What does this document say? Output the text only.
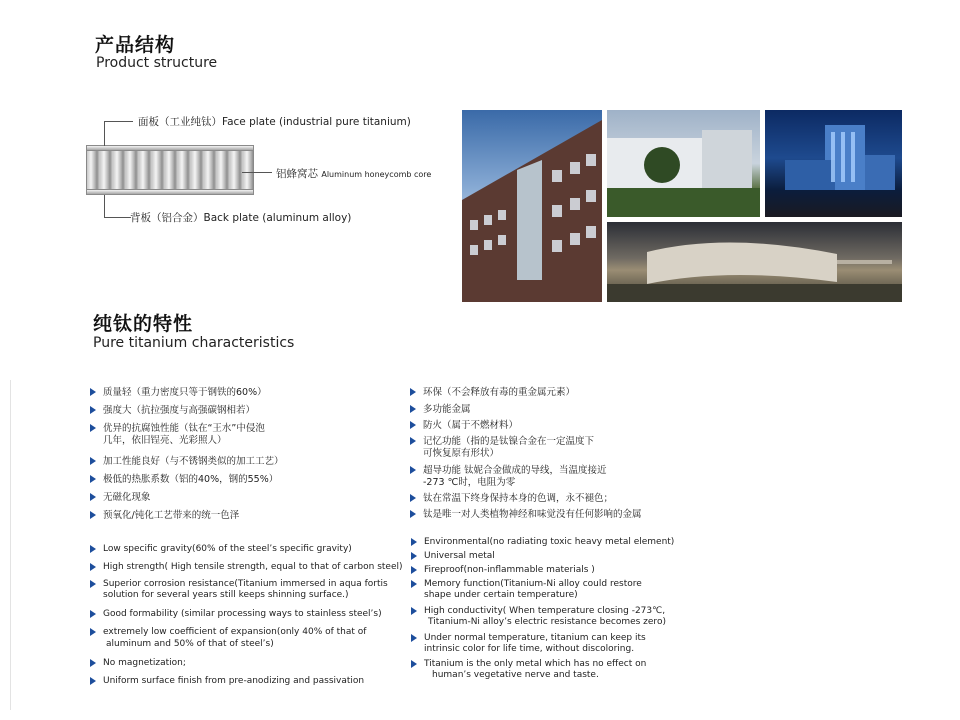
产品结构
Product structure
面板（工业纯钛）Face plate (industrial pure titanium)
铝蜂窝芯 Aluminum honeycomb core
背板（铝合金）Back plate (aluminum alloy)
纯钛的特性
Pure titanium characteristics
质量轻（重力密度只等于钢铁的60%）
强度大（抗拉强度与高强碳钢相若）
优异的抗腐蚀性能（钛在“王水”中侵泡
几年，依旧锃亮、光彩照人）
加工性能良好（与不锈钢类似的加工工艺）
极低的热胀系数（铝的40%，钢的55%）
无磁化现象
预氧化/钝化工艺带来的统一色泽
环保（不会释放有毒的重金属元素）
多功能金属
防火（属于不燃材料）
记忆功能（指的是钛镍合金在一定温度下
可恢复原有形状）
超导功能 钛妮合金做成的导线，当温度接近
-273 ℃时，电阻为零
钛在常温下终身保持本身的色调，永不褪色；
钛是唯一对人类植物神经和味觉没有任何影响的金属
Low specific gravity(60% of the steel’s specific gravity)
High strength( High tensile strength, equal to that of carbon steel)
Superior corrosion resistance(Titanium immersed in aqua fortis
solution for several years still keeps shinning surface.)
Good formability (similar processing ways to stainless steel’s)
extremely low coefficient of expansion(only 40% of that of
aluminum and 50% of that of steel’s)
No magnetization;
Uniform surface finish from pre-anodizing and passivation
Environmental(no radiating toxic heavy metal element)
Universal metal
Fireproof(non-inflammable materials )
Memory function(Titanium-Ni alloy could restore
shape under certain temperature)
High conductivity( When temperature closing -273℃,
Titanium-Ni alloy’s electric resistance becomes zero)
Under normal temperature, titanium can keep its
intrinsic color for life time, without discoloring.
Titanium is the only metal which has no effect on
human’s vegetative nerve and taste.
